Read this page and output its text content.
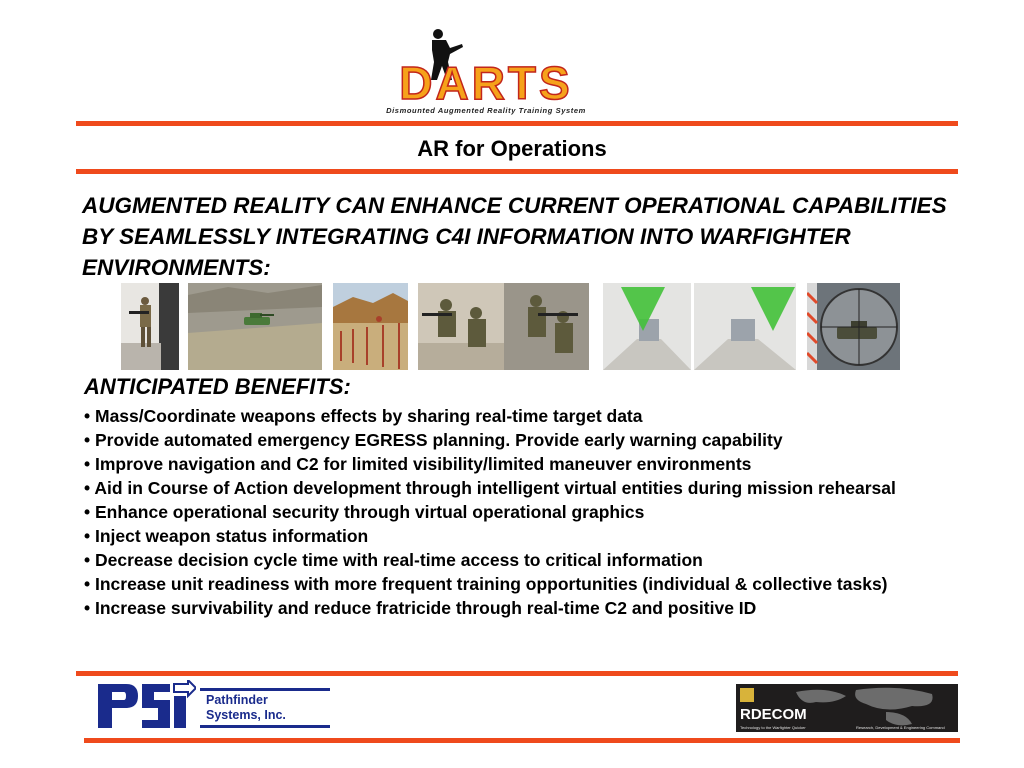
DARTS
Dismounted Augmented Reality Training System
AR for Operations
AUGMENTED REALITY CAN ENHANCE CURRENT OPERATIONAL CAPABILITIES BY SEAMLESSLY INTEGRATING C4I INFORMATION INTO WARFIGHTER ENVIRONMENTS:
ANTICIPATED BENEFITS:
• Mass/Coordinate weapons effects by sharing real-time target data
• Provide automated emergency EGRESS planning. Provide early warning capability
• Improve navigation and C2 for limited visibility/limited maneuver environments
• Aid in Course of Action development through intelligent virtual entities during mission rehearsal
• Enhance operational security through virtual operational graphics
• Inject weapon status information
• Decrease decision cycle time with real-time access to critical information
• Increase unit readiness with more frequent training opportunities (individual & collective tasks)
• Increase survivability and reduce fratricide through real-time C2 and positive ID
Pathfinder
Systems, Inc.	RDECOM
Technology to the Warfighter Quicker	Research, Development & Engineering Command
